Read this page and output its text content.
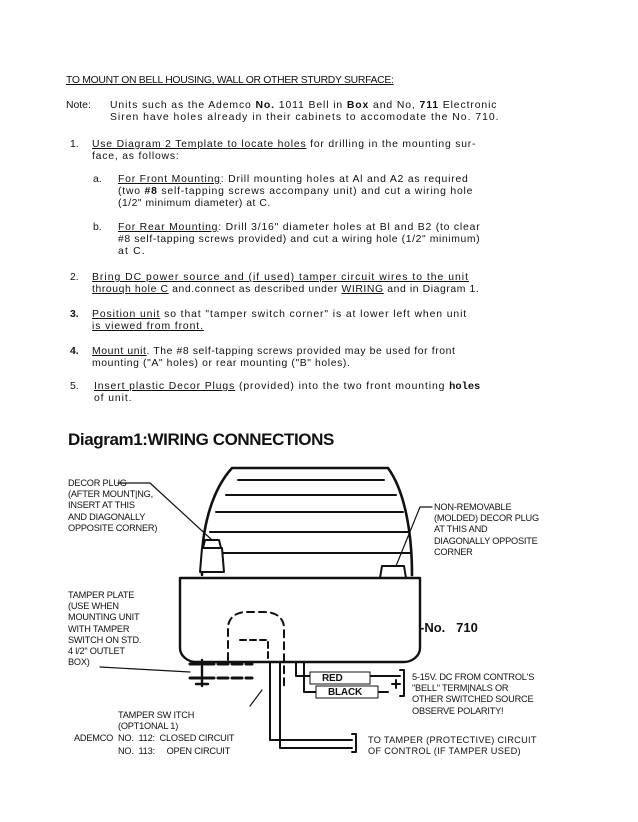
TO MOUNT ON BELL HOUSING, WALL OR OTHER STURDY SURFACE:
Note: Units such as the Ademco No. 1011 Bell in Box and No, 711 Electronic
Siren have holes already in their cabinets to accomodate the No. 710.
1. Use Diagram 2 Template to locate holes for drilling in the mounting sur-
face, as follows:
a. For Front Mounting: Drill mounting holes at Al and A2 as required
(two #8 self-tapping screws accompany unit) and cut a wiring hole
(1/2" minimum diameter) at C.
b. For Rear Mounting: Drill 3/16" diameter holes at Bl and B2 (to clear
#8 self-tapping screws provided) and cut a wiring hole (1/2" minimum)
at C.
2. Bring DC power source and (if used) tamper circuit wires to the unit
throuqh hole C and.connect as described under WIRING and in Diagram 1.
3. Position unit so that "tamper switch corner" is at lower left when unit
is viewed from front.
4. Mount unit. The #8 self-tapping screws provided may be used for front
mounting ("A" holes) or rear mounting ("B" holes).
5. Insert plastic Decor Plugs (provided) into the two front mounting holes
of unit.
Diagram1:WIRING CONNECTIONS
DECOR PLUG
(AFTER MOUNT|NG,
INSERT AT THIS
AND DIAGONALLY
OPPOSITE CORNER)
NON-REMOVABLE
(MOLDED) DECOR PLUG
AT THIS AND
DIAGONALLY OPPOSITE
CORNER
TAMPER PLATE
(USE WHEN
MOUNTING UNIT
WITH TAMPER
SWITCH ON STD.
4 l/2" OUTLET
BOX)
-No.   710
RED
BLACK
5-15V. DC FROM CONTROL'S
"BELL" TERM|NALS OR
OTHER SWITCHED SOURCE
OBSERVE POLARITY!
TAMPER SW ITCH
(OPT1ONAL 1)
ADEMCO NO.  112:  CLOSED CIRCUIT
NO.  113:     OPEN CIRCUIT
TO TAMPER (PROTECTIVE) CIRCUIT
OF CONTROL (IF TAMPER USED)
